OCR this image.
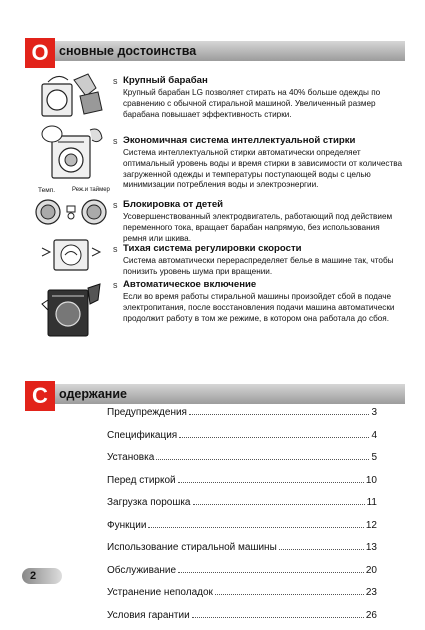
О сновные достоинства
Темп.	Реж.и таймер
s Крупный барабан
Крупный барабан LG позволяет стирать на 40% больше одежды по сравнению с обычной стиральной машиной. Увеличенный размер барабана повышает эффективность стирки.
s Экономичная система интеллектуальной стирки
Система интеллектуальной стирки автоматически определяет оптимальный уровень воды и время стирки в зависимости от количества загруженной одежды и температуры поступающей воды с целью минимизации потребления воды и электроэнергии.
s Блокировка от детей
Усовершенствованный электродвигатель, работающий под действием переменного тока, вращает барабан напрямую, без использования ремня или шкива.
s Тихая система регулировки скорости
Система автоматически перераспределяет белье в машине так, чтобы понизить уровень шума при вращении.
s Автоматическое включение
Если во время работы стиральной машины произойдет сбой в подаче электропитания, после восстановления подачи машина автоматически продолжит работу в том же режиме, в котором она работала до сбоя.
С одержание
Предупреждения	3
Спецификация	4
Установка	5
Перед стиркой	10
Загрузка порошка	11
Функции	12
Использование стиральной машины	13
Обслуживание	20
Устранение неполадок	23
Условия гарантии	26
2
